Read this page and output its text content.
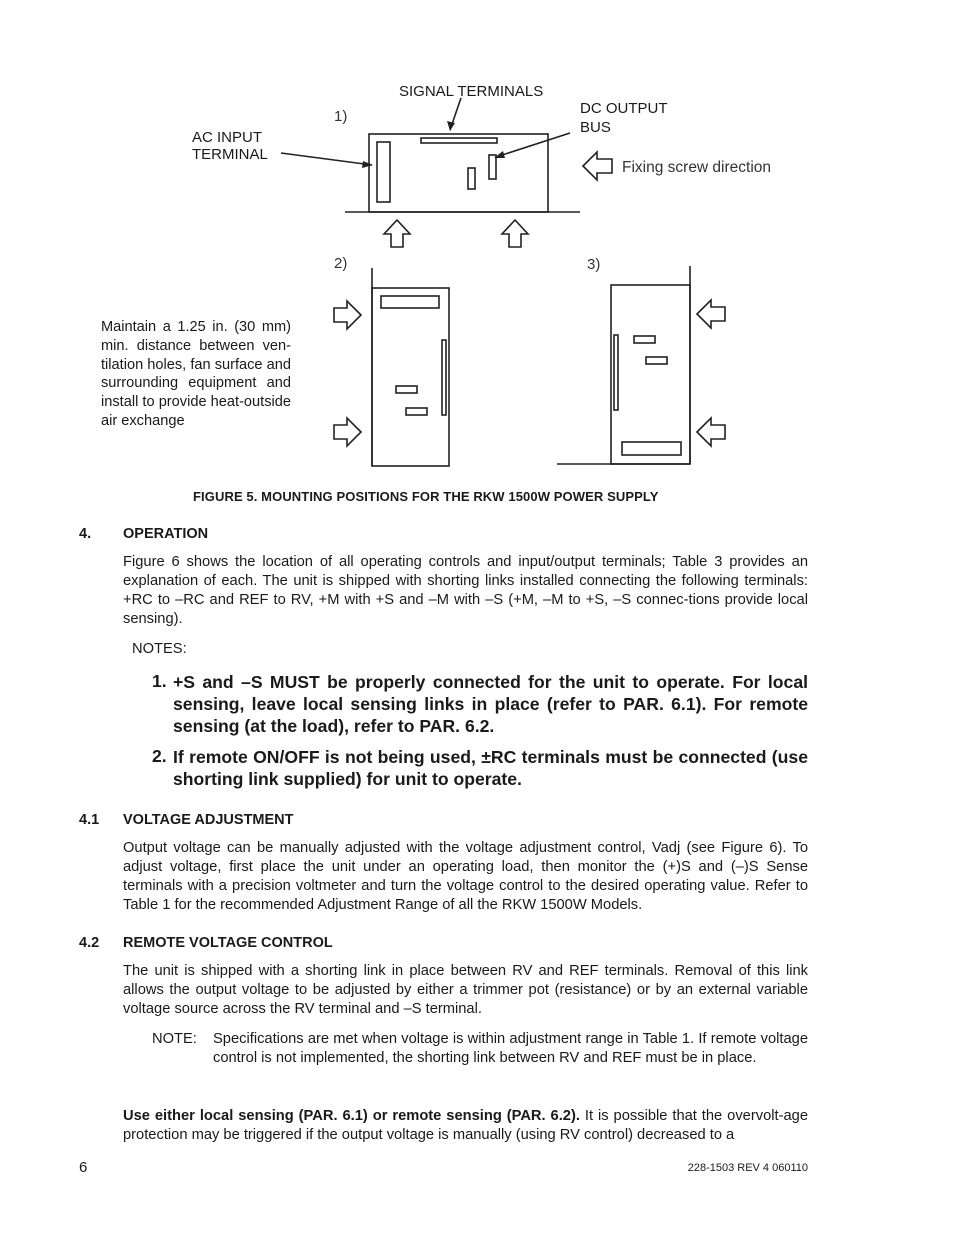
1)
2)	3)
Fixing screw direction
SIGNAL TERMINALS
DC OUTPUT
BUS
AC INPUT
TERMINAL
Maintain a 1.25 in. (30 mm) min. distance between ven-tilation holes, fan surface and surrounding equipment and install to provide heat-outside air exchange
FIGURE 5. MOUNTING POSITIONS FOR THE RKW 1500W POWER SUPPLY
4. OPERATION
Figure 6 shows the location of all operating controls and input/output terminals; Table 3 provides an explanation of each. The unit is shipped with shorting links installed connecting the following terminals: +RC to –RC and REF to RV, +M with +S and –M with –S (+M, –M to +S, –S connec-tions provide local sensing).
NOTES:
1. +S and –S MUST be properly connected for the unit to operate. For local sensing, leave local sensing links in place (refer to PAR. 6.1). For remote sensing (at the load), refer to PAR. 6.2.
2. If remote ON/OFF is not being used, ±RC terminals must be connected (use shorting link supplied) for unit to operate.
4.1 VOLTAGE ADJUSTMENT
Output voltage can be manually adjusted with the voltage adjustment control, Vadj (see Figure 6). To adjust voltage, first place the unit under an operating load, then monitor the (+)S and (–)S Sense terminals with a precision voltmeter and turn the voltage control to the desired operating value. Refer to Table 1 for the recommended Adjustment Range of all the RKW 1500W Models.
4.2 REMOTE VOLTAGE CONTROL
The unit is shipped with a shorting link in place between RV and REF terminals. Removal of this link allows the output voltage to be adjusted by either a trimmer pot (resistance) or by an external variable voltage source across the RV terminal and –S terminal.
NOTE: Specifications are met when voltage is within adjustment range in Table 1. If remote voltage control is not implemented, the shorting link between RV and REF must be in place.
Use either local sensing (PAR. 6.1) or remote sensing (PAR. 6.2). It is possible that the overvolt-age protection may be triggered if the output voltage is manually (using RV control) decreased to a
6	228-1503 REV 4 060110
